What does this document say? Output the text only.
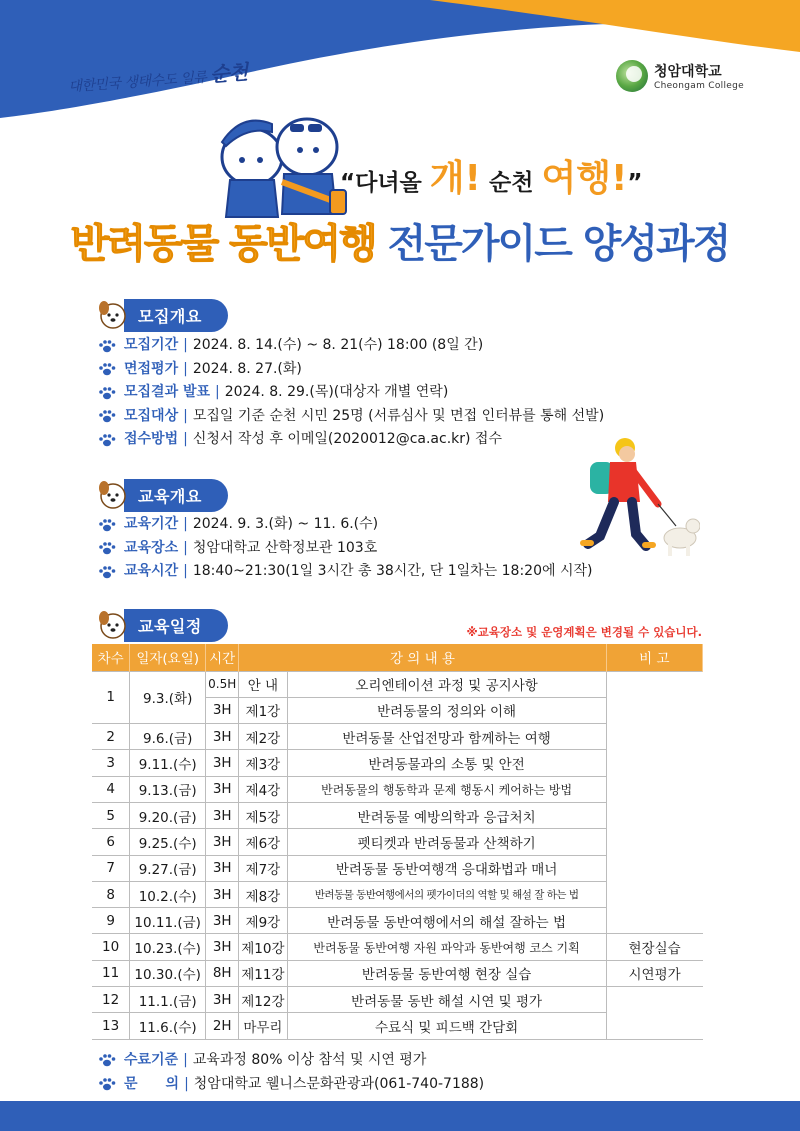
대한민국 생태수도 일류 순천	청암대학교
Cheongam College
“다녀올 개! 순천 여행!”
반려동물 동반여행 전문가이드 양성과정
모집개요
모집기간 | 2024. 8. 14.(수) ~ 8. 21(수) 18:00 (8일 간)
면접평가 | 2024. 8. 27.(화)
모집결과 발표 | 2024. 8. 29.(목)(대상자 개별 연락)
모집대상 | 모집일 기준 순천 시민 25명 (서류심사 및 면접 인터뷰를 통해 선발)
접수방법 | 신청서 작성 후 이메일(2020012@ca.ac.kr) 접수
교육개요
교육기간 | 2024. 9. 3.(화) ~ 11. 6.(수)
교육장소 | 청암대학교 산학정보관 103호
교육시간 | 18:40~21:30(1일 3시간 총 38시간, 단 1일차는 18:20에 시작)
교육일정	※교육장소 및 운영계획은 변경될 수 있습니다.
차수	일자(요일)	시간	강 의 내 용		비 고
1	9.3.(화)	0.5H	안 내	오리엔테이션 과정 및 공지사항	
		3H	제1강	반려동물의 정의와 이해	
2	9.6.(금)	3H	제2강	반려동물 산업전망과 함께하는 여행	
3	9.11.(수)	3H	제3강	반려동물과의 소통 및 안전	
4	9.13.(금)	3H	제4강	반려동물의 행동학과 문제 행동시 케어하는 방법	
5	9.20.(금)	3H	제5강	반려동물 예방의학과 응급처치	
6	9.25.(수)	3H	제6강	펫티켓과 반려동물과 산책하기	
7	9.27.(금)	3H	제7강	반려동물 동반여행객 응대화법과 매너	
8	10.2.(수)	3H	제8강	반려동물 동반여행에서의 펫가이더의 역할 및 해설 잘 하는 법	
9	10.11.(금)	3H	제9강	반려동물 동반여행에서의 해설 잘하는 법	
10	10.23.(수)	3H	제10강	반려동물 동반여행 자원 파악과 동반여행 코스 기획	현장실습
11	10.30.(수)	8H	제11강	반려동물 동반여행 현장 실습	시연평가
12	11.1.(금)	3H	제12강	반려동물 동반 해설 시연 및 평가	
13	11.6.(수)	2H	마무리	수료식 및 피드백 간담회	
수료기준 | 교육과정 80% 이상 참석 및 시연 평가
문　　의 | 청암대학교 웰니스문화관광과(061-740-7188)
